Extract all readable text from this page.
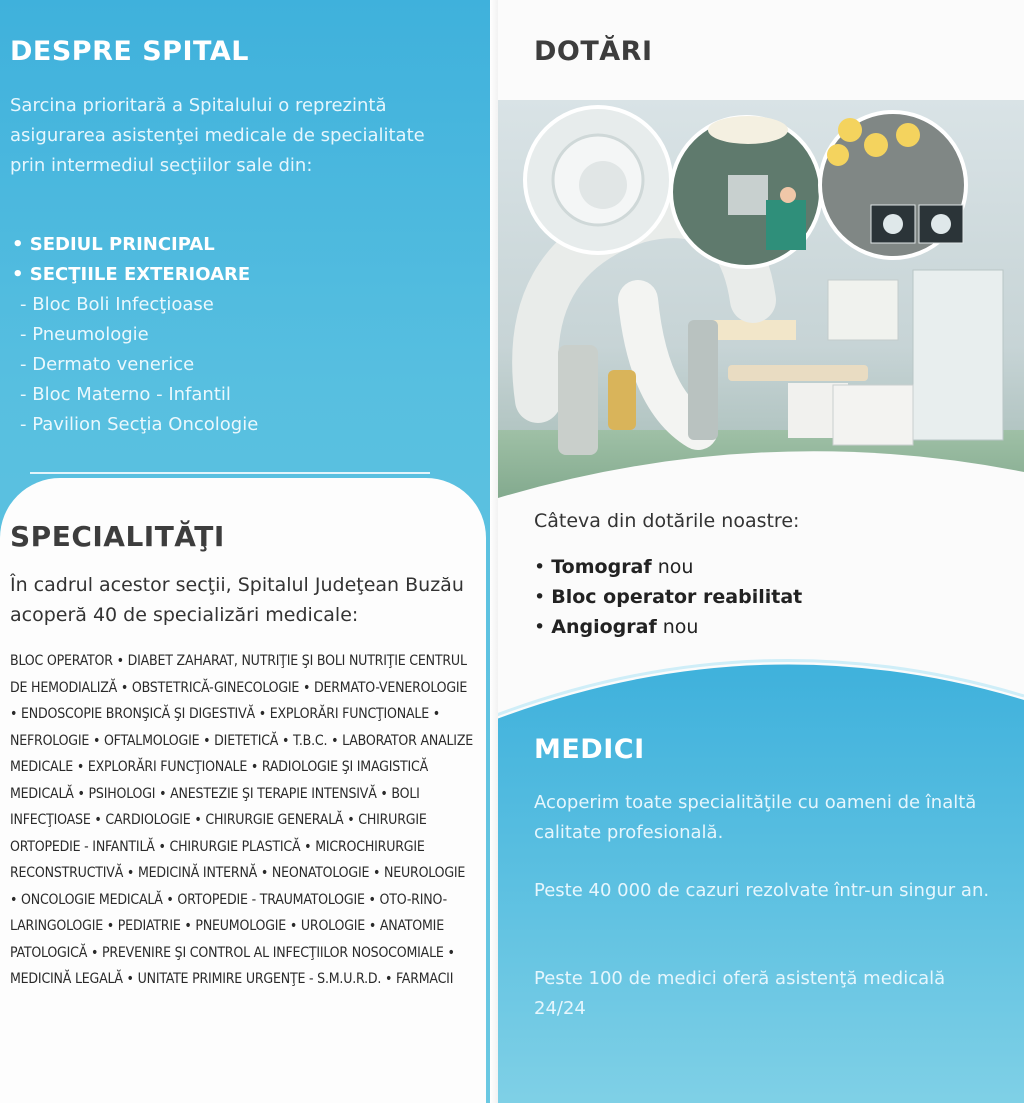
DESPRE SPITAL

Sarcina prioritară a Spitalului o reprezintă asigurarea asistenţei medicale de specialitate prin intermediul secţiilor sale din:

• SEDIUL PRINCIPAL
• SECŢIILE EXTERIOARE
- Bloc Boli Infecţioase
- Pneumologie
- Dermato venerice
- Bloc Materno - Infantil
- Pavilion Secţia Oncologie
SPECIALITĂŢI

În cadrul acestor secţii, Spitalul Judeţean Buzău acoperă 40 de specializări medicale:

BLOC OPERATOR • DIABET ZAHARAT, NUTRIŢIE ŞI BOLI NUTRIŢIE CENTRUL DE HEMODIALIZĂ • OBSTETRICĂ-GINECOLOGIE • DERMATO-VENEROLOGIE • ENDOSCOPIE BRONŞICĂ ŞI DIGESTIVĂ • EXPLORĂRI FUNCŢIONALE • NEFROLOGIE • OFTALMOLOGIE • DIETETICĂ • T.B.C. • LABORATOR ANALIZE MEDICALE • EXPLORĂRI FUNCŢIONALE • RADIOLOGIE ŞI IMAGISTICĂ MEDICALĂ • PSIHOLOGI • ANESTEZIE ŞI TERAPIE INTENSIVĂ • BOLI INFECŢIOASE • CARDIOLOGIE • CHIRURGIE GENERALĂ • CHIRURGIE ORTOPEDIE - INFANTILĂ • CHIRURGIE PLASTICĂ • MICROCHIRURGIE RECONSTRUCTIVĂ • MEDICINĂ INTERNĂ • NEONATOLOGIE • NEUROLOGIE • ONCOLOGIE MEDICALĂ • ORTOPEDIE - TRAUMATOLOGIE • OTO-RINO-LARINGOLOGIE • PEDIATRIE • PNEUMOLOGIE • UROLOGIE • ANATOMIE PATOLOGICĂ • PREVENIRE ŞI CONTROL AL INFECŢIILOR NOSOCOMIALE • MEDICINĂ LEGALĂ • UNITATE PRIMIRE URGENŢE - S.M.U.R.D. • FARMACII

DOTĂRI

Câteva din dotările noastre:

• Tomograf nou
• Bloc operator reabilitat
• Angiograf nou
MEDICI

Acoperim toate specialităţile cu oameni de înaltă calitate profesională.

Peste 40 000 de cazuri rezolvate într-un singur an.

Peste 100 de medici oferă asistenţă medicală 24/24
